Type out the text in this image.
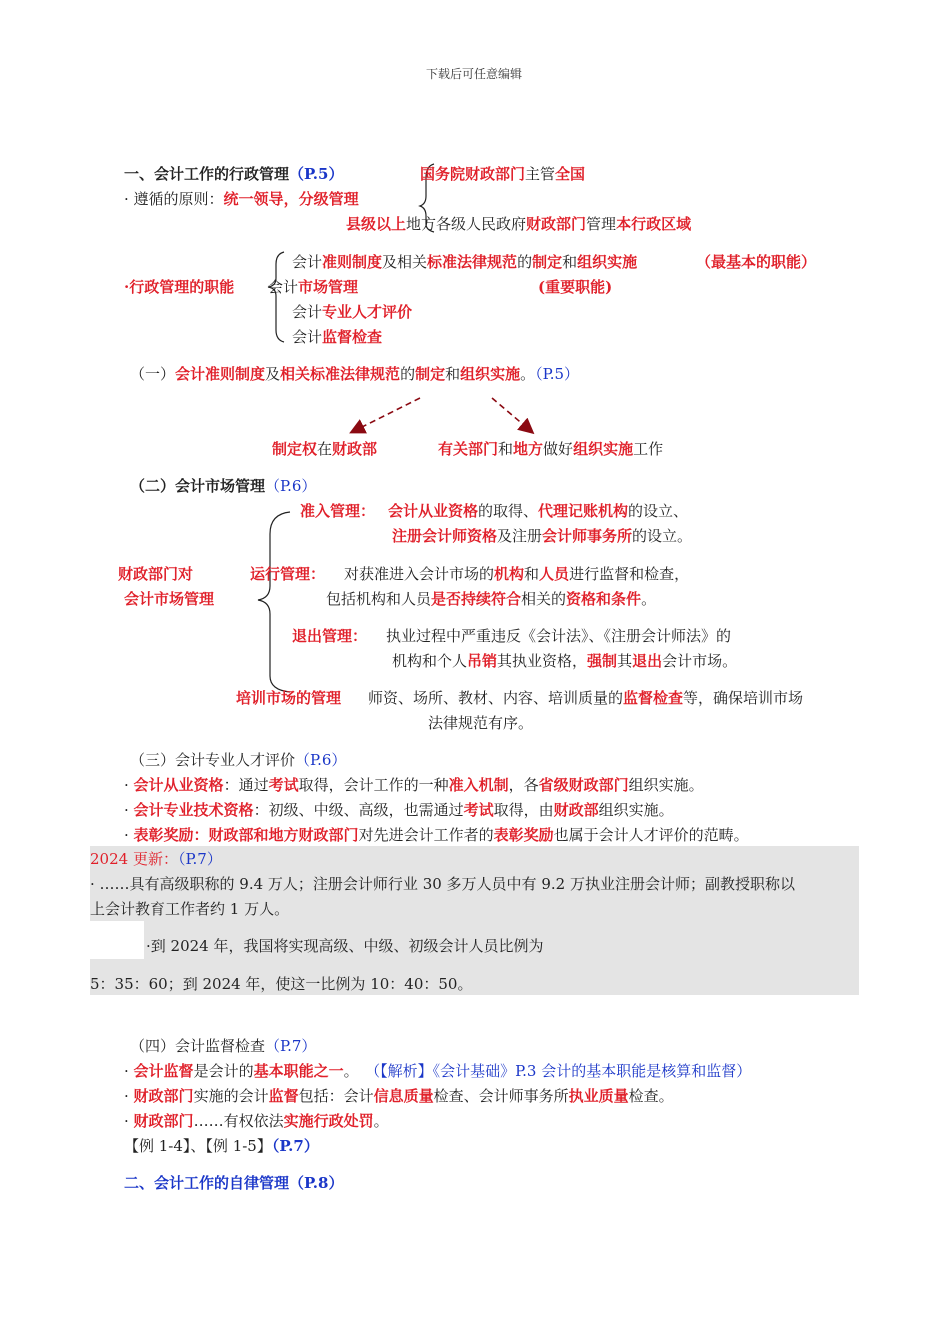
下载后可任意编辑
一、会计工作的行政管理（P.5）	国务院财政部门主管全国
· 遵循的原则：统一领导，分级管理
县级以上地方各级人民政府财政部门管理本行政区域
会计准则制度及相关标准法律规范的制定和组织实施	（最基本的职能）
·行政管理的职能 会计市场管理	(重要职能)
会计专业人才评价
会计监督检查
（一）会计准则制度及相关标准法律规范的制定和组织实施。（P.5）
制定权在财政部	有关部门和地方做好组织实施工作
（二）会计市场管理（P.6）
准入管理： 会计从业资格的取得、代理记账机构的设立、
注册会计师资格及注册会计师事务所的设立。
财政部门对
会计市场管理
运行管理： 对获准进入会计市场的机构和人员进行监督和检查，
包括机构和人员是否持续符合相关的资格和条件。
退出管理： 执业过程中严重违反《会计法》、《注册会计师法》的
机构和个人吊销其执业资格，强制其退出会计市场。
培训市场的管理 师资、场所、教材、内容、培训质量的监督检查等，确保培训市场
法律规范有序。
（三）会计专业人才评价（P.6）
· 会计从业资格：通过考试取得，会计工作的一种准入机制，各省级财政部门组织实施。
· 会计专业技术资格：初级、中级、高级，也需通过考试取得，由财政部组织实施。
· 表彰奖励：财政部和地方财政部门对先进会计工作者的表彰奖励也属于会计人才评价的范畴。
2024 更新：（P.7）
· ……具有高级职称的 9.4 万人；注册会计师行业 30 多万人员中有 9.2 万执业注册会计师；副教授职称以
上会计教育工作者约 1 万人。
·到 2024 年，我国将实现高级、中级、初级会计人员比例为
5：35：60；到 2024 年，使这一比例为 10：40：50。
（四）会计监督检查（P.7）
· 会计监督是会计的基本职能之一。 （【解析】《会计基础》P.3 会计的基本职能是核算和监督）
· 财政部门实施的会计监督包括：会计信息质量检查、会计师事务所执业质量检查。
· 财政部门……有权依法实施行政处罚。
【例 1-4】、【例 1-5】（P.7）
二、会计工作的自律管理（P.8）
